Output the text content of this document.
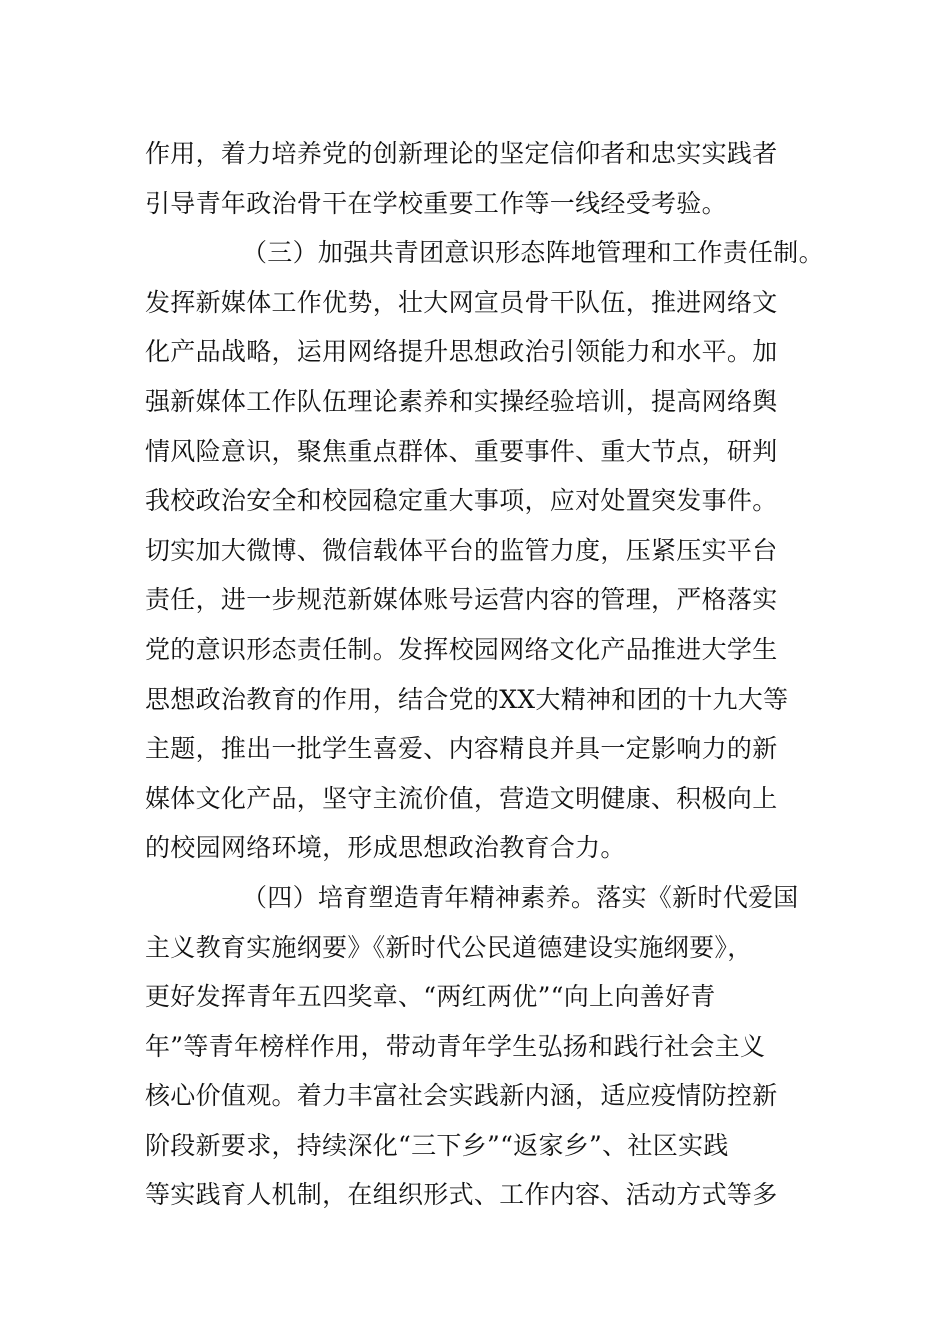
作用，着力培养党的创新理论的坚定信仰者和忠实实践者
引导青年政治骨干在学校重要工作等一线经受考验。
（三）加强共青团意识形态阵地管理和工作责任制。
发挥新媒体工作优势，壮大网宣员骨干队伍，推进网络文
化产品战略，运用网络提升思想政治引领能力和水平。加
强新媒体工作队伍理论素养和实操经验培训，提高网络舆
情风险意识，聚焦重点群体、重要事件、重大节点，研判
我校政治安全和校园稳定重大事项，应对处置突发事件。
切实加大微博、微信载体平台的监管力度，压紧压实平台
责任，进一步规范新媒体账号运营内容的管理，严格落实
党的意识形态责任制。发挥校园网络文化产品推进大学生
思想政治教育的作用，结合党的XX大精神和团的十九大等
主题，推出一批学生喜爱、内容精良并具一定影响力的新
媒体文化产品，坚守主流价值，营造文明健康、积极向上
的校园网络环境，形成思想政治教育合力。
（四）培育塑造青年精神素养。落实《新时代爱国
主义教育实施纲要》《新时代公民道德建设实施纲要》，
更好发挥青年五四奖章、“两红两优”“向上向善好青
年”等青年榜样作用，带动青年学生弘扬和践行社会主义
核心价值观。着力丰富社会实践新内涵，适应疫情防控新
阶段新要求，持续深化“三下乡”“返家乡”、社区实践
等实践育人机制，在组织形式、工作内容、活动方式等多
